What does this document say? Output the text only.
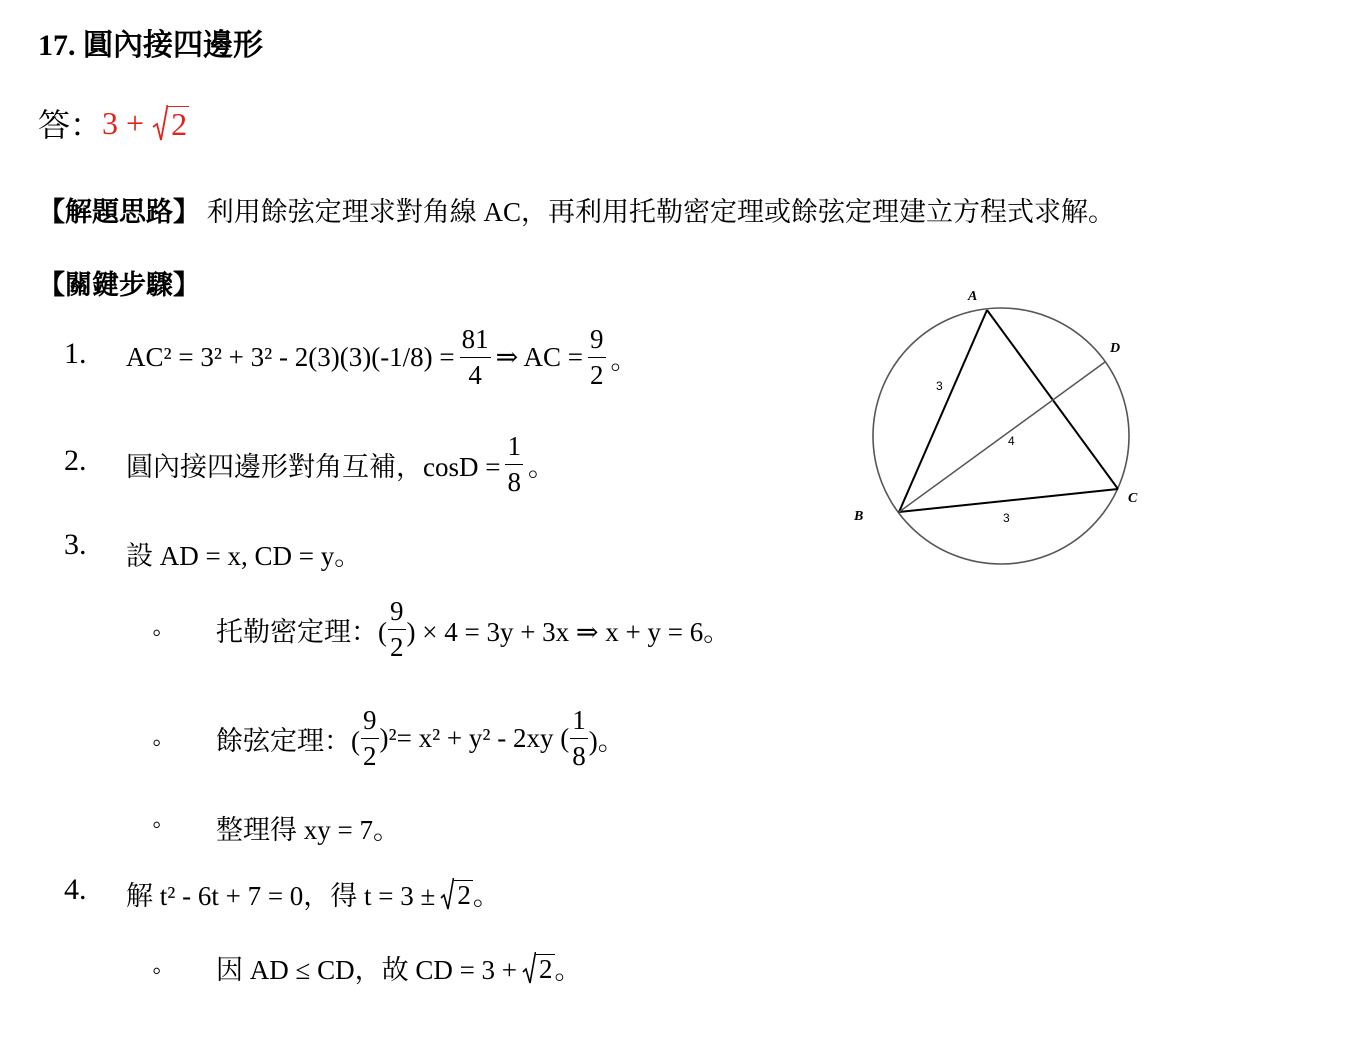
17. 圓內接四邊形
答： 3 + 2
【解題思路】 利用餘弦定理求對角線 AC，再利用托勒密定理或餘弦定理建立方程式求解。
【關鍵步驟】
1. $AC^2 = 3^2 + 3^2 - 2(3)(3)(-1/8) = \frac{81}{4}$ ⇒ AC = $\frac{9}{2}$ 。
2. 圓內接四邊形對角互補，$\cos D = \frac{1}{8}$ 。
3. 設 AD = x, CD = y。
◦ 托勒密定理：( $\frac{9}{2}$ ) × 4 = 3y + 3x ⇒ x + y = 6。
◦ 餘弦定理：( $\frac{9}{2} )^2= x^2 + y^2 - 2xy$ ( $\frac{1}{8}$ )。
◦ 整理得 xy = 7。
4. 解 t² - 6t + 7 = 0，得 t = 3 ± 2 。
◦ 因 AD ≤ CD，故 CD = 3 + 2 。
A
B
C
D
3
4
3
